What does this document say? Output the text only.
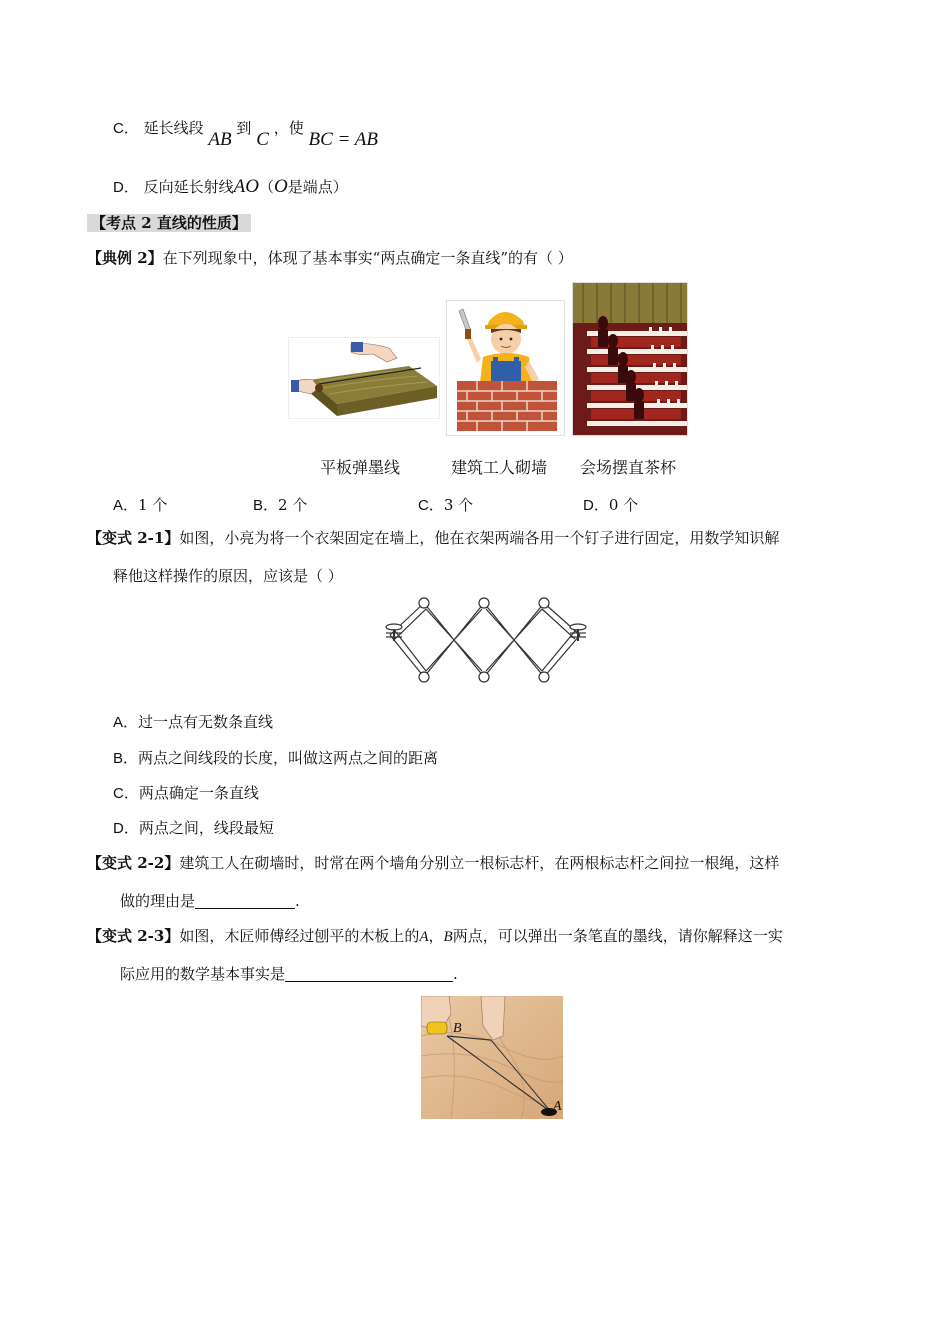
C． 延长线段 AB 到 C ，使 BC = AB
D． 反向延长射线AO（O是端点）
【考点 2 直线的性质】
【典例 2】在下列现象中，体现了基本事实“两点确定一条直线”的有（ ）
平板弹墨线	建筑工人砌墙 会场摆直茶杯
A．1 个	B．2 个	C．3 个	D．0 个
【变式 2-1】如图，小亮为将一个衣架固定在墙上，他在衣架两端各用一个钉子进行固定，用数学知识解
释他这样操作的原因，应该是（ ）
A．过一点有无数条直线
B．两点之间线段的长度，叫做这两点之间的距离
C．两点确定一条直线
D．两点之间，线段最短
【变式 2-2】建筑工人在砌墙时，时常在两个墙角分别立一根标志杆，在两根标志杆之间拉一根绳，这样
做的理由是	.
【变式 2-3】如图，木匠师傅经过刨平的木板上的A，B两点，可以弹出一条笔直的墨线，请你解释这一实
际应用的数学基本事实是	.
B
A
